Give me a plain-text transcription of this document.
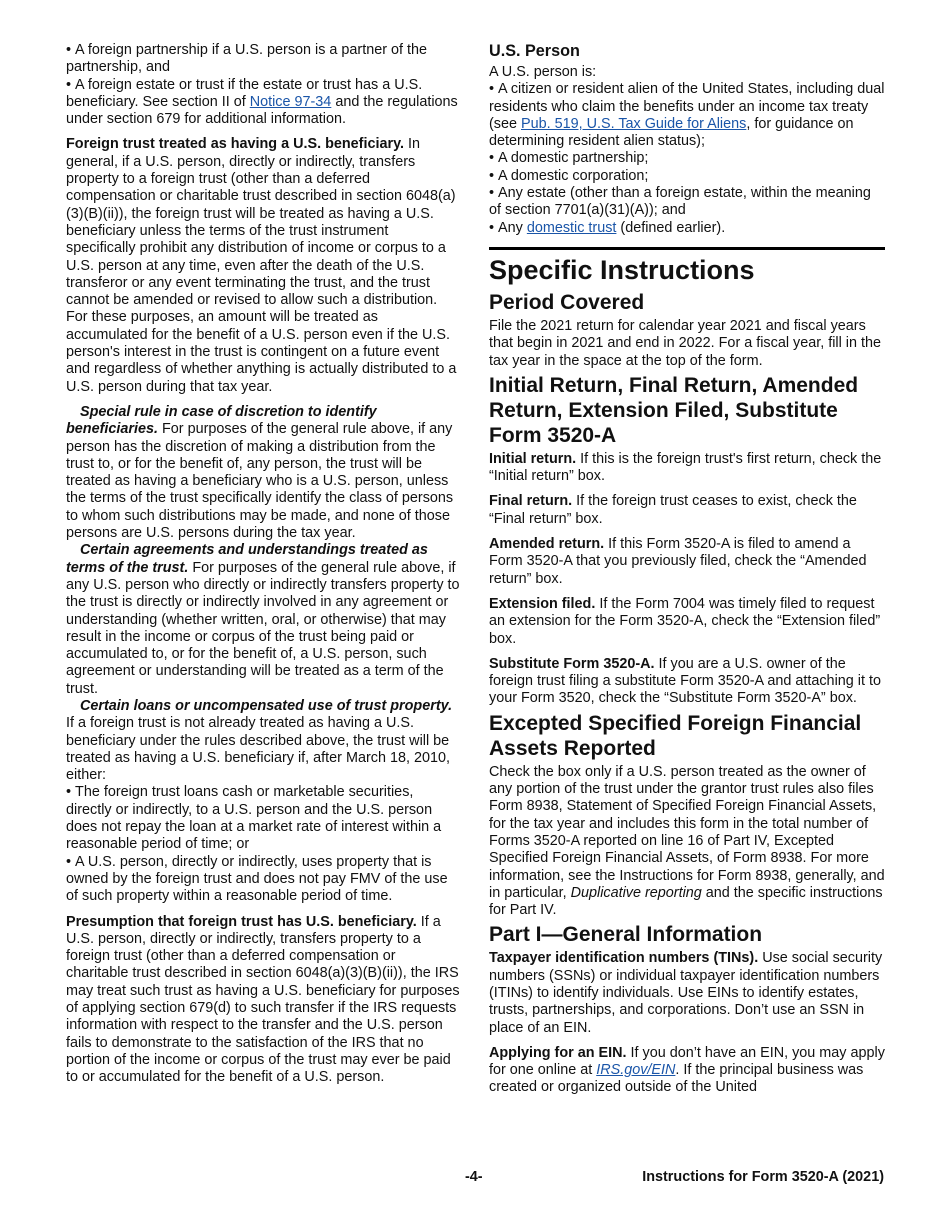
• A foreign partnership if a U.S. person is a partner of the partnership, and

• A foreign estate or trust if the estate or trust has a U.S. beneficiary. See section II of Notice 97-34 and the regulations under section 679 for additional information.

Foreign trust treated as having a U.S. beneficiary. In general, if a U.S. person, directly or indirectly, transfers property to a foreign trust (other than a deferred compensation or charitable trust described in section 6048(a)(3)(B)(ii)), the foreign trust will be treated as having a U.S. beneficiary unless the terms of the trust instrument specifically prohibit any distribution of income or corpus to a U.S. person at any time, even after the death of the U.S. transferor or any event terminating the trust, and the trust cannot be amended or revised to allow such a distribution. For these purposes, an amount will be treated as accumulated for the benefit of a U.S. person even if the U.S. person's interest in the trust is contingent on a future event and regardless of whether anything is actually distributed to a U.S. person during that tax year.

Special rule in case of discretion to identify beneficiaries. For purposes of the general rule above, if any person has the discretion of making a distribution from the trust to, or for the benefit of, any person, the trust will be treated as having a beneficiary who is a U.S. person, unless the terms of the trust specifically identify the class of persons to whom such distributions may be made, and none of those persons are U.S. persons during the tax year.

Certain agreements and understandings treated as terms of the trust. For purposes of the general rule above, if any U.S. person who directly or indirectly transfers property to the trust is directly or indirectly involved in any agreement or understanding (whether written, oral, or otherwise) that may result in the income or corpus of the trust being paid or accumulated to, or for the benefit of, a U.S. person, such agreement or understanding will be treated as a term of the trust.

Certain loans or uncompensated use of trust property. If a foreign trust is not already treated as having a U.S. beneficiary under the rules described above, the trust will be treated as having a U.S. beneficiary if, after March 18, 2010, either:

• The foreign trust loans cash or marketable securities, directly or indirectly, to a U.S. person and the U.S. person does not repay the loan at a market rate of interest within a reasonable period of time; or

• A U.S. person, directly or indirectly, uses property that is owned by the foreign trust and does not pay FMV of the use of such property within a reasonable period of time.

Presumption that foreign trust has U.S. beneficiary. If a U.S. person, directly or indirectly, transfers property to a foreign trust (other than a deferred compensation or charitable trust described in section 6048(a)(3)(B)(ii)), the IRS may treat such trust as having a U.S. beneficiary for purposes of applying section 679(d) to such transfer if the IRS requests information with respect to the transfer and the U.S. person fails to demonstrate to the satisfaction of the IRS that no portion of the income or corpus of the trust may ever be paid to or accumulated for the benefit of a U.S. person.

U.S. Person

A U.S. person is:

• A citizen or resident alien of the United States, including dual residents who claim the benefits under an income tax treaty (see Pub. 519, U.S. Tax Guide for Aliens, for guidance on determining resident alien status);

• A domestic partnership;

• A domestic corporation;

• Any estate (other than a foreign estate, within the meaning of section 7701(a)(31)(A)); and

• Any domestic trust (defined earlier).

Specific Instructions
Period Covered

File the 2021 return for calendar year 2021 and fiscal years that begin in 2021 and end in 2022. For a fiscal year, fill in the tax year in the space at the top of the form.

Initial Return, Final Return, Amended Return, Extension Filed, Substitute Form 3520-A

Initial return. If this is the foreign trust's first return, check the “Initial return” box.

Final return. If the foreign trust ceases to exist, check the “Final return” box.

Amended return. If this Form 3520-A is filed to amend a Form 3520-A that you previously filed, check the “Amended return” box.

Extension filed. If the Form 7004 was timely filed to request an extension for the Form 3520-A, check the “Extension filed” box.

Substitute Form 3520-A. If you are a U.S. owner of the foreign trust filing a substitute Form 3520-A and attaching it to your Form 3520, check the “Substitute Form 3520-A” box.

Excepted Specified Foreign Financial Assets Reported

Check the box only if a U.S. person treated as the owner of any portion of the trust under the grantor trust rules also files Form 8938, Statement of Specified Foreign Financial Assets, for the tax year and includes this form in the total number of Forms 3520-A reported on line 16 of Part IV, Excepted Specified Foreign Financial Assets, of Form 8938. For more information, see the Instructions for Form 8938, generally, and in particular, Duplicative reporting and the specific instructions for Part IV.

Part I—General Information

Taxpayer identification numbers (TINs). Use social security numbers (SSNs) or individual taxpayer identification numbers (ITINs) to identify individuals. Use EINs to identify estates, trusts, partnerships, and corporations. Don’t use an SSN in place of an EIN.

Applying for an EIN. If you don’t have an EIN, you may apply for one online at IRS.gov/EIN. If the principal business was created or organized outside of the United

-4-	Instructions for Form 3520-A (2021)
